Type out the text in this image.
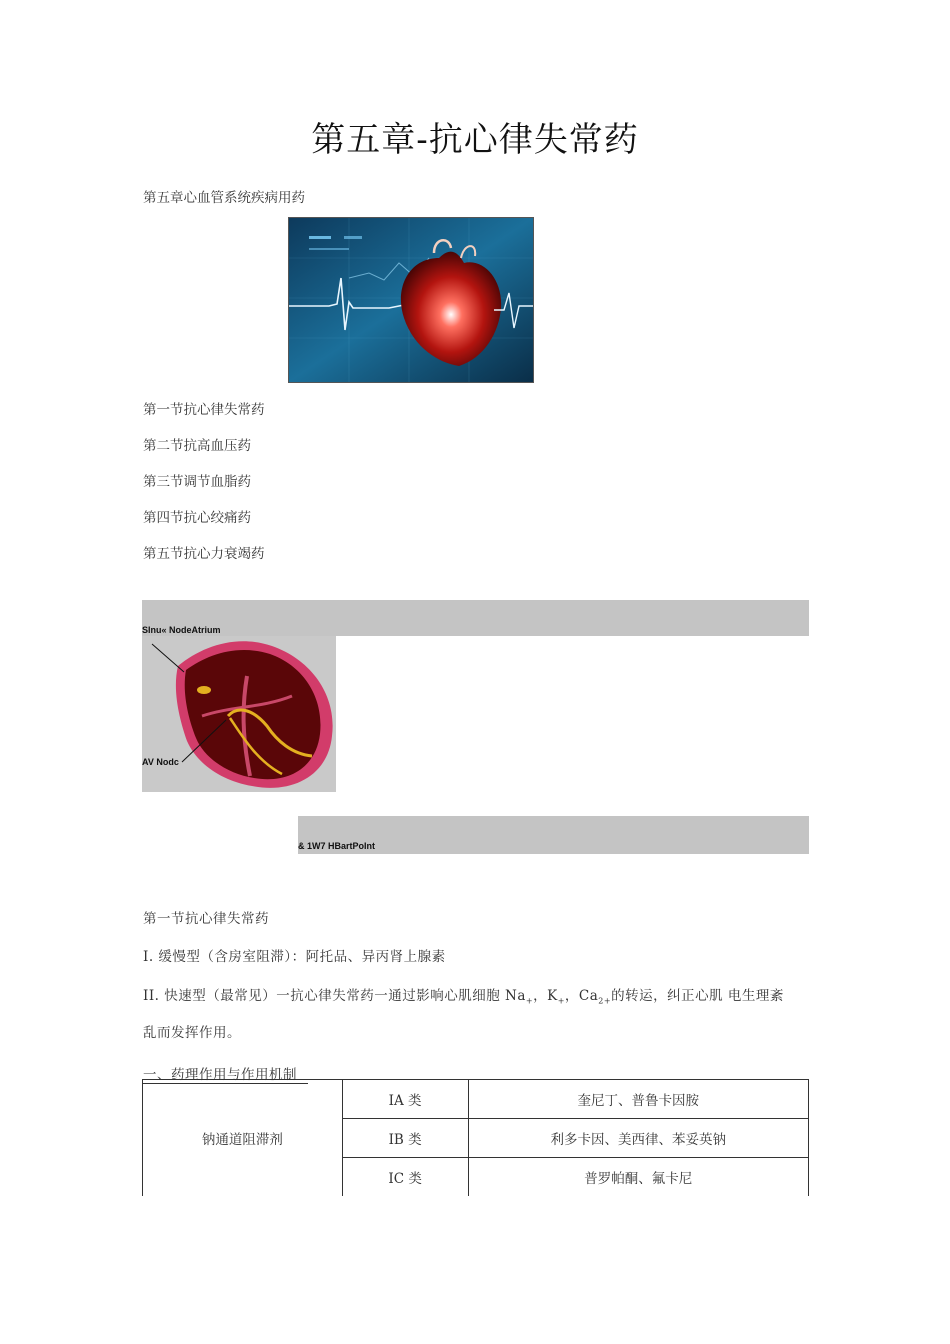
第五章-抗心律失常药
第五章心血管系统疾病用药
第一节抗心律失常药
第二节抗高血压药
第三节调节血脂药
第四节抗心绞痛药
第五节抗心力衰竭药
SInu« NodeAtrium
AV Nodc
& 1W7 HBartPoInt
第一节抗心律失常药
I. 缓慢型（含房室阻滞）：阿托品、异丙肾上腺素
II. 快速型（最常见）一抗心律失常药一通过影响心肌细胞 $Na_+$，$K_+$，$Ca_{2+}$的转运，纠正心肌 电生理紊
乱而发挥作用。
一、药理作用与作用机制
钠通道阻滞剂	IA 类	奎尼丁、普鲁卡因胺
	IB 类	利多卡因、美西律、苯妥英钠
	IC 类	普罗帕酮、氟卡尼
